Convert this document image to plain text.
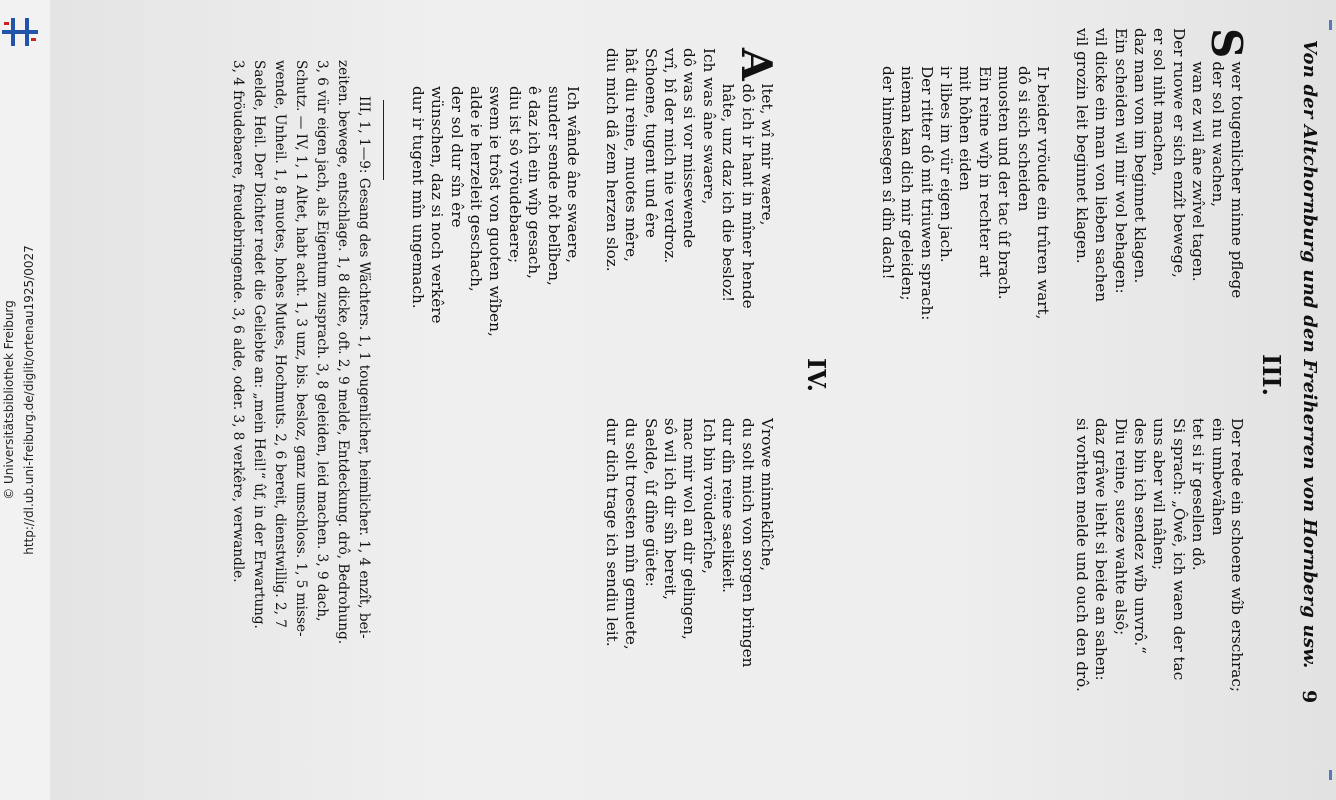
http://dl.ub.uni-freiburg.de/diglit/ortenau1925/0027
© Universitätsbibliothek Freiburg	Von der Altchornburg und den Freiherren von Hornberg usw.
9
III.
S
wer tougenlicher minne pflege
der sol nu wachen,
wan ez wil âne zwîvel tagen.
Der ruowe er sich enzît bewege,
er sol niht machen,
daz man von im beginnet klagen.
Ein scheiden wil mir wol behagen:
vil dicke ein man von lieben sachen
vil grozin leit beginnet klagen.
Ir beider vröude ein trûren wart,
dô si sich scheiden
muosten und der tac ûf brach.
Ein reine wîp in rechter art
mit hôhen eiden
ir libes im vür eigen jach.
Der ritter dô mit triuwen sprach:
nieman kan dich mir geleiden;
der himelsegen sî dîn dach!
Der rede ein schoene wîb erschrac;
ein umbevâhen
tet si ir gesellen dô.
Si sprach: „Ôwê, ich waen der tac
uns aber wil nâhen;
des bin ich sendez wîb unvrô.“
Diu reine, sueze wahte alsô;
daz grâwe lieht si beide an sahen:
si vorhten melde und ouch den drô.
IV.
A
ltet, wî mir waere,
dô ich ir hant in mîner hende
hâte, unz daz ich die besloz!
Ich was âne swaere,
dô was si vor missewende
vrî, bî der mich nie verdroz.
Schoene, tugent und êre
hât diu reine, muotes mêre,
diu mich dâ zem herzen sloz.
Ich wânde âne swaere,
sunder sende nôt belîben,
ê daz ich ein wîp gesach,
diu ist sô vröudebaere;
swem ie trôst von guoten wîben,
alde ie herzeleit geschach,
der sol dur sîn êre
wünschen, daz si noch verkêre
dur ir tugent mîn ungemach.
Vrowe minneklîche,
du solt mich von sorgen bringen
dur dîn reine saelikeit.
Ich bin vröuderîche,
mac mir wol an dir gelingen,
sô wil ich dir sîn bereit,
Saelde, ûf dîne güete:
du solt troesten mîn gemuete,
dur dich trage ich sendiu leit.
III, 1, 1—9: Gesang des Wächters. 1, 1 tougenlicher, heimlicher. 1, 4 enzît, bei-
zeiten. bewege, entschlage. 1, 8 dicke, oft. 2, 9 melde, Entdeckung. drô, Bedrohung.
3, 6 vür eigen jach, als Eigentum zusprach. 3, 8 geleiden, leid machen. 3, 9 dach,
Schutz. — IV, 1, 1 Altet, habt acht. 1, 3 unz, bis. besloz, ganz umschloss. 1, 5 misse-
wende, Unheil. 1, 8 muotes, hohes Mutes, Hochmuts. 2, 6 bereit, dienstwillig. 2, 7
Saelde, Heil. Der Dichter redet die Geliebte an: „mein Heil!“ ûf, in der Erwartung.
3, 4 fröudebaere, freudebringende. 3, 6 alde, oder. 3, 8 verkêre, verwandle.
